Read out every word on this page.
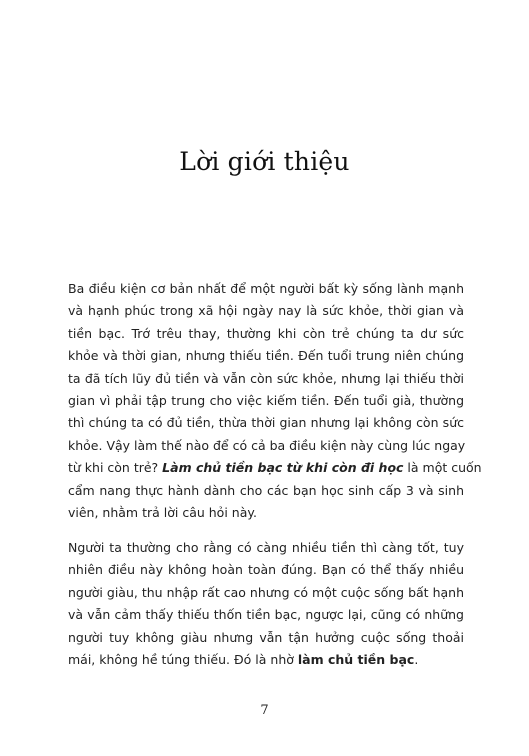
Lời giới thiệu
Ba điều kiện cơ bản nhất để một người bất kỳ sống lành mạnh
và hạnh phúc trong xã hội ngày nay là sức khỏe, thời gian và
tiền bạc. Trớ trêu thay, thường khi còn trẻ chúng ta dư sức
khỏe và thời gian, nhưng thiếu tiền. Đến tuổi trung niên chúng
ta đã tích lũy đủ tiền và vẫn còn sức khỏe, nhưng lại thiếu thời
gian vì phải tập trung cho việc kiếm tiền. Đến tuổi già, thường
thì chúng ta có đủ tiền, thừa thời gian nhưng lại không còn sức
khỏe. Vậy làm thế nào để có cả ba điều kiện này cùng lúc ngay
từ khi còn trẻ? Làm chủ tiền bạc từ khi còn đi học là một cuốn
cẩm nang thực hành dành cho các bạn học sinh cấp 3 và sinh
viên, nhằm trả lời câu hỏi này.
Người ta thường cho rằng có càng nhiều tiền thì càng tốt, tuy
nhiên điều này không hoàn toàn đúng. Bạn có thể thấy nhiều
người giàu, thu nhập rất cao nhưng có một cuộc sống bất hạnh
và vẫn cảm thấy thiếu thốn tiền bạc, ngược lại, cũng có những
người tuy không giàu nhưng vẫn tận hưởng cuộc sống thoải
mái, không hề túng thiếu. Đó là nhờ làm chủ tiền bạc.
7
